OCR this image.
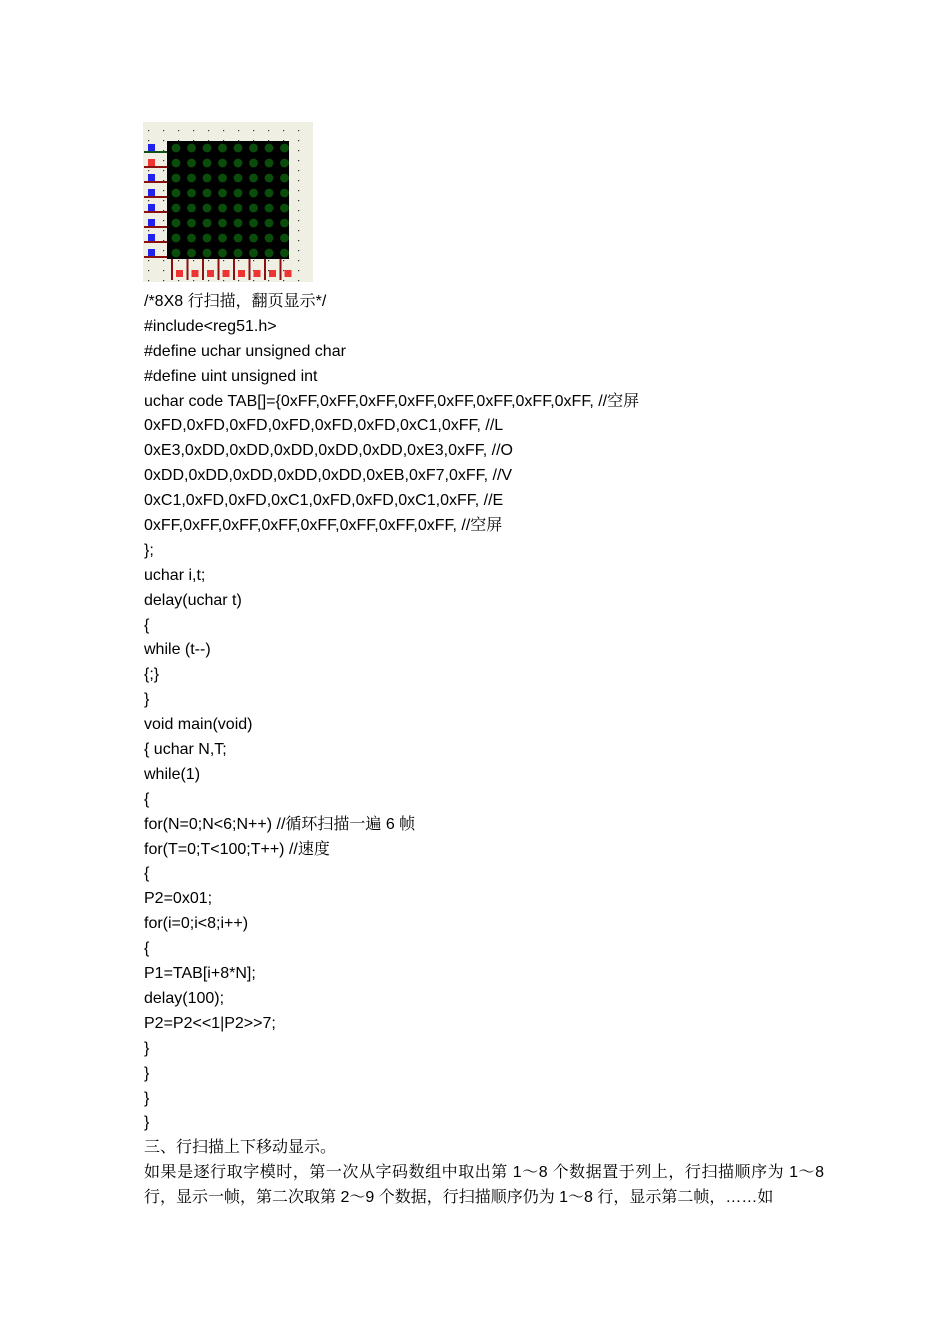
/*8X8 行扫描，翻页显示*/
#include<reg51.h>
#define uchar unsigned char
#define uint unsigned int
uchar code TAB[]={0xFF,0xFF,0xFF,0xFF,0xFF,0xFF,0xFF,0xFF, //空屏
0xFD,0xFD,0xFD,0xFD,0xFD,0xFD,0xC1,0xFF, //L
0xE3,0xDD,0xDD,0xDD,0xDD,0xDD,0xE3,0xFF, //O
0xDD,0xDD,0xDD,0xDD,0xDD,0xEB,0xF7,0xFF, //V
0xC1,0xFD,0xFD,0xC1,0xFD,0xFD,0xC1,0xFF, //E
0xFF,0xFF,0xFF,0xFF,0xFF,0xFF,0xFF,0xFF, //空屏
};
uchar i,t;
delay(uchar t)
{
while (t--)
{;}
}
void main(void)
{ uchar N,T;
while(1)
{
for(N=0;N<6;N++) //循环扫描一遍 6 帧
for(T=0;T<100;T++) //速度
{
P2=0x01;
for(i=0;i<8;i++)
{
P1=TAB[i+8*N];
delay(100);
P2=P2<<1|P2>>7;
}
}
}
}
三、行扫描上下移动显示。
如果是逐行取字模时，第一次从字码数组中取出第 1～8 个数据置于列上，行扫描顺序为 1～8 行，显示一帧，第二次取第 2～9 个数据，行扫描顺序仍为 1～8 行，显示第二帧，……如
